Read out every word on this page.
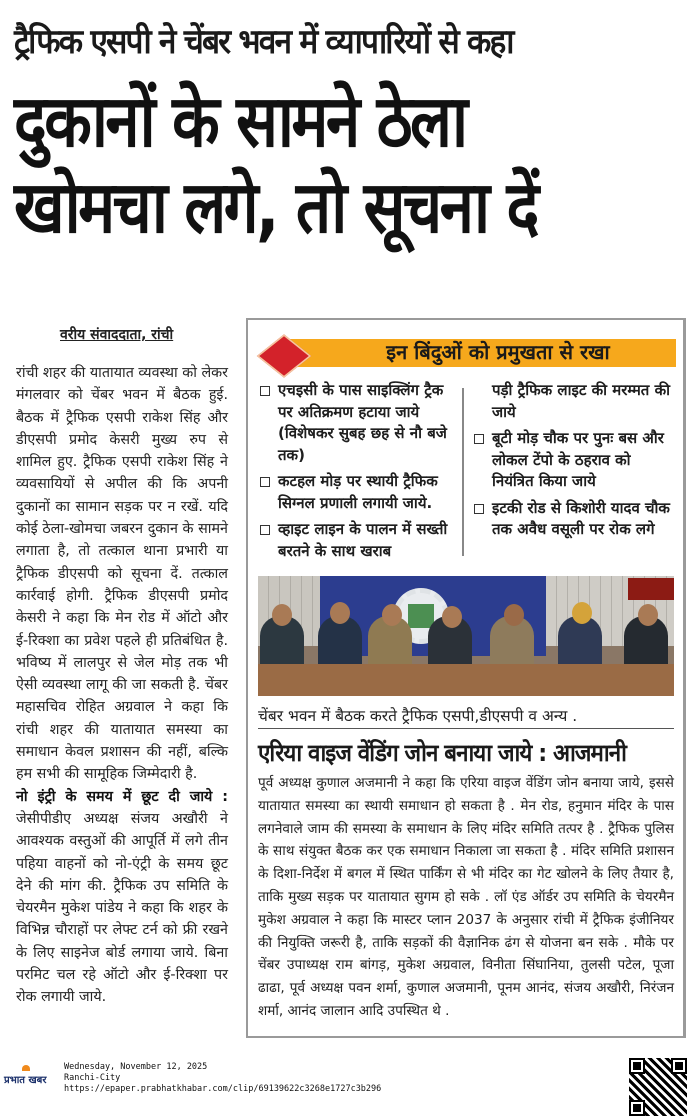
ट्रैफिक एसपी ने चेंबर भवन में व्यापारियों से कहा
दुकानों के सामने ठेला
खोमचा लगे, तो सूचना दें
वरीय संवाददाता, रांची

रांची शहर की यातायात व्यवस्था को लेकर मंगलवार को चेंबर भवन में बैठक हुई. बैठक में ट्रैफिक एसपी राकेश सिंह और डीएसपी प्रमोद केसरी मुख्य रुप से शामिल हुए. ट्रैफिक एसपी राकेश सिंह ने व्यवसायियों से अपील की कि अपनी दुकानों का सामान सड़क पर न रखें. यदि कोई ठेला-खोमचा जबरन दुकान के सामने लगाता है, तो तत्काल थाना प्रभारी या ट्रैफिक डीएसपी को सूचना दें. तत्काल कार्रवाई होगी. ट्रैफिक डीएसपी प्रमोद केसरी ने कहा कि मेन रोड में ऑटो और ई-रिक्शा का प्रवेश पहले ही प्रतिबंधित है. भविष्य में लालपुर से जेल मोड़ तक भी ऐसी व्यवस्था लागू की जा सकती है. चेंबर महासचिव रोहित अग्रवाल ने कहा कि रांची शहर की यातायात समस्या का समाधान केवल प्रशासन की नहीं, बल्कि हम सभी की सामूहिक जिम्मेदारी है.

नो इंट्री के समय में छूट दी जाये : जेसीपीडीए अध्यक्ष संजय अखौरी ने आवश्यक वस्तुओं की आपूर्ति में लगे तीन पहिया वाहनों को नो-एंट्री के समय छूट देने की मांग की. ट्रैफिक उप समिति के चेयरमैन मुकेश पांडेय ने कहा कि शहर के विभिन्न चौराहों पर लेफ्ट टर्न को फ्री रखने के लिए साइनेज बोर्ड लगाया जाये. बिना परमिट चल रहे ऑटो और ई-रिक्शा पर रोक लगायी जाये.

इन बिंदुओं को प्रमुखता से रखा
एचइसी के पास साइक्लिंग ट्रैक पर अतिक्रमण हटाया जाये (विशेषकर सुबह छह से नौ बजे तक)
कटहल मोड़ पर स्थायी ट्रैफिक सिग्नल प्रणाली लगायी जाये.
व्हाइट लाइन के पालन में सख्ती बरतने के साथ खराब
पड़ी ट्रैफिक लाइट की मरम्मत की जाये
बूटी मोड़ चौक पर पुनः बस और लोकल टेंपो के ठहराव को नियंत्रित किया जाये
इटकी रोड से किशोरी यादव चौक तक अवैध वसूली पर रोक लगे
चेंबर भवन में बैठक करते ट्रैफिक एसपी,डीएसपी व अन्य .
एरिया वाइज वेंडिंग जोन बनाया जाये : आजमानी
पूर्व अध्यक्ष कुणाल अजमानी ने कहा कि एरिया वाइज वेंडिंग जोन बनाया जाये, इससे यातायात समस्या का स्थायी समाधान हो सकता है . मेन रोड, हनुमान मंदिर के पास लगनेवाले जाम की समस्या के समाधान के लिए मंदिर समिति तत्पर है . ट्रैफिक पुलिस के साथ संयुक्त बैठक कर एक समाधान निकाला जा सकता है . मंदिर समिति प्रशासन के दिशा-निर्देश में बगल में स्थित पार्किंग से भी मंदिर का गेट खोलने के लिए तैयार है, ताकि मुख्य सड़क पर यातायात सुगम हो सके . लॉ एंड ऑर्डर उप समिति के चेयरमैन मुकेश अग्रवाल ने कहा कि मास्टर प्लान 2037 के अनुसार रांची में ट्रैफिक इंजीनियर की नियुक्ति जरूरी है, ताकि सड़कों की वैज्ञानिक ढंग से योजना बन सके . मौके पर चेंबर उपाध्यक्ष राम बांगड़, मुकेश अग्रवाल, विनीता सिंघानिया, तुलसी पटेल, पूजा ढाढा, पूर्व अध्यक्ष पवन शर्मा, कुणाल अजमानी, पूनम आनंद, संजय अखौरी, निरंजन शर्मा, आनंद जालान आदि उपस्थित थे .
प्रभात खबर
Wednesday, November 12, 2025
Ranchi-City
https://epaper.prabhatkhabar.com/clip/69139622c3268e1727c3b296
